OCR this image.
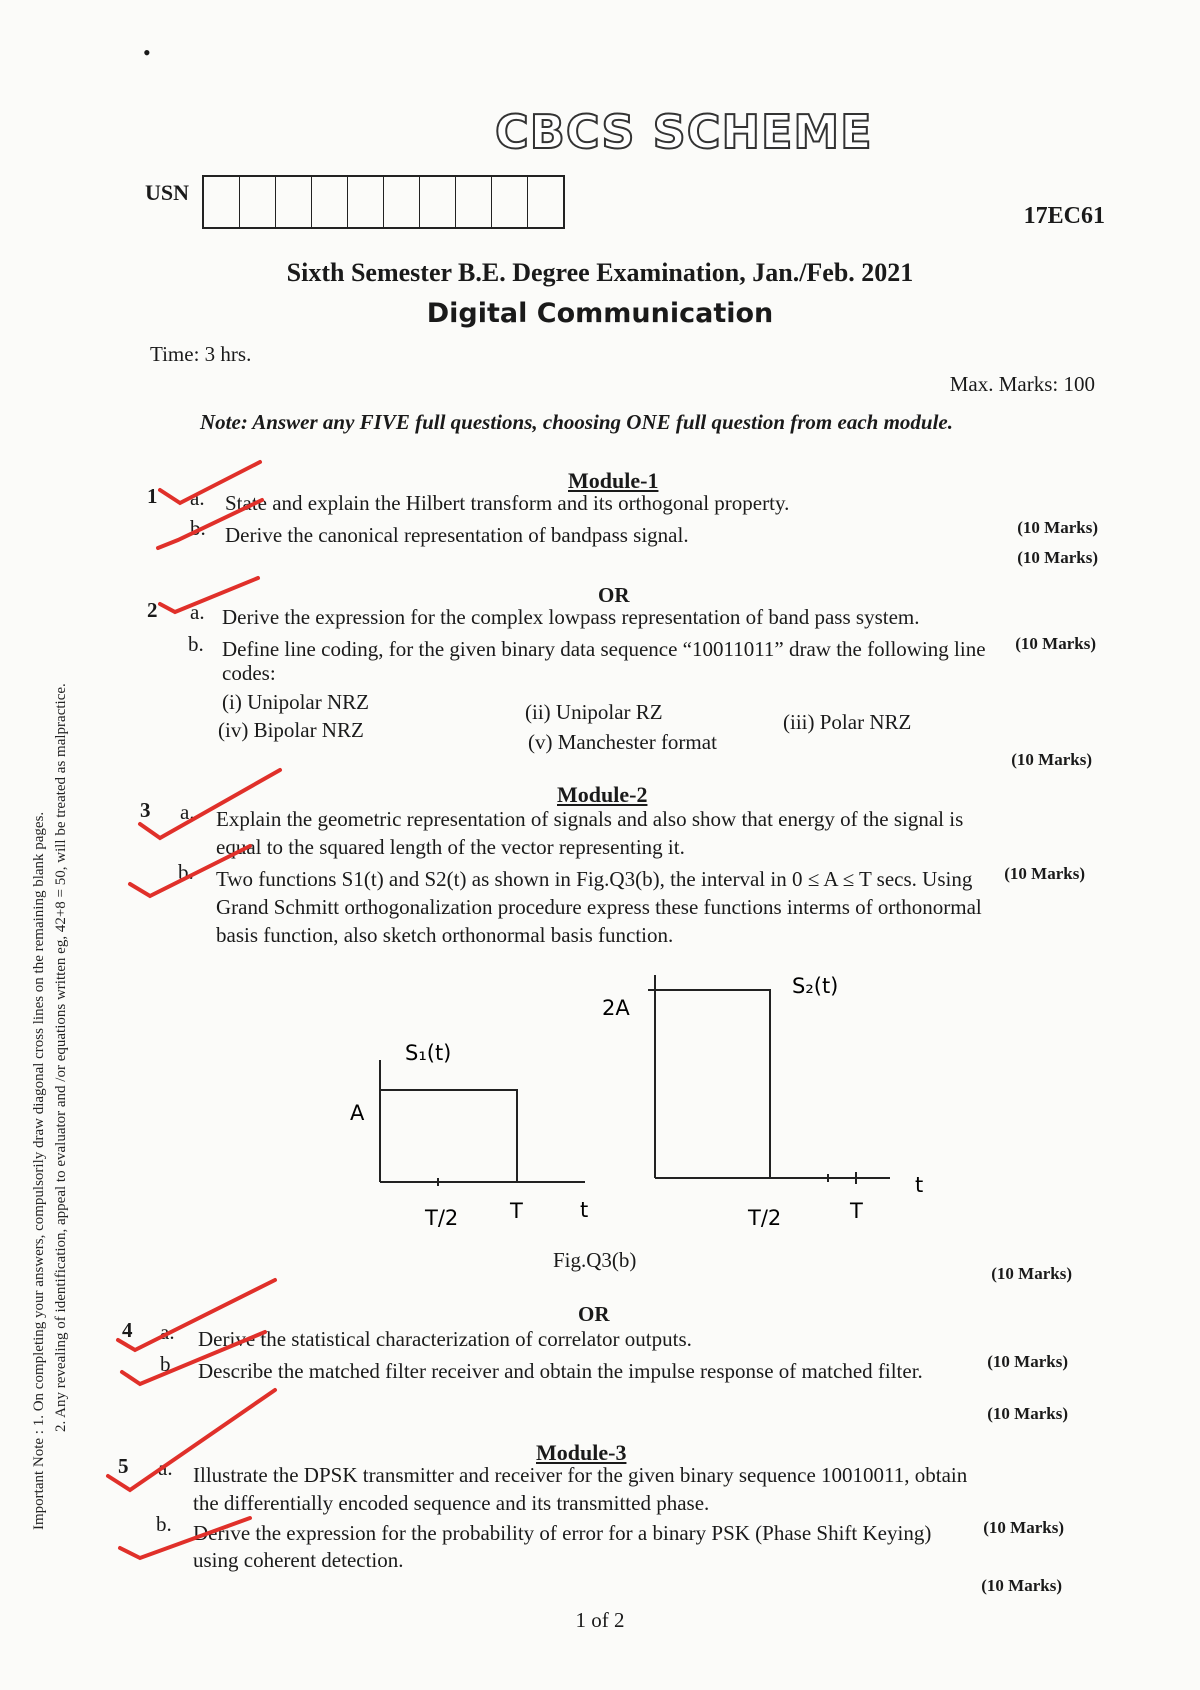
•
CBCS SCHEME
USN
17EC61
Sixth Semester B.E. Degree Examination, Jan./Feb. 2021
Digital Communication
Time: 3 hrs.
Max. Marks: 100
Note: Answer any FIVE full questions, choosing ONE full question from each module.
Important Note : 1. On completing your answers, compulsorily draw diagonal cross lines on the remaining blank pages. 2. Any revealing of identification, appeal to evaluator and /or equations written eg, 42+8 = 50, will be treated as malpractice.
Module-1
1 a. State and explain the Hilbert transform and its orthogonal property.
(10 Marks)
b. Derive the canonical representation of bandpass signal.
(10 Marks)
OR
2 a. Derive the expression for the complex lowpass representation of band pass system.
(10 Marks)
b. Define line coding, for the given binary data sequence “10011011” draw the following line
codes:
(i) Unipolar NRZ	(ii) Unipolar RZ	(iii) Polar NRZ
(iv) Bipolar NRZ	(v) Manchester format
(10 Marks)
Module-2
3 a. Explain the geometric representation of signals and also show that energy of the signal is
equal to the squared length of the vector representing it.
(10 Marks)
b. Two functions S1(t) and S2(t) as shown in Fig.Q3(b), the interval in 0 ≤ A ≤ T secs. Using
Grand Schmitt orthogonalization procedure express these functions interms of orthonormal
basis function, also sketch orthonormal basis function.
S₁(t)
A
S₂(t)
2A
T/2 T	t	T/2	T
t
Fig.Q3(b)
(10 Marks)
OR
4 a. Derive the statistical characterization of correlator outputs.
(10 Marks)
b. Describe the matched filter receiver and obtain the impulse response of matched filter.
(10 Marks)
Module-3
5 a. Illustrate the DPSK transmitter and receiver for the given binary sequence 10010011, obtain
the differentially encoded sequence and its transmitted phase.
(10 Marks)
b. Derive the expression for the probability of error for a binary PSK (Phase Shift Keying)
using coherent detection.
(10 Marks)
1 of 2
